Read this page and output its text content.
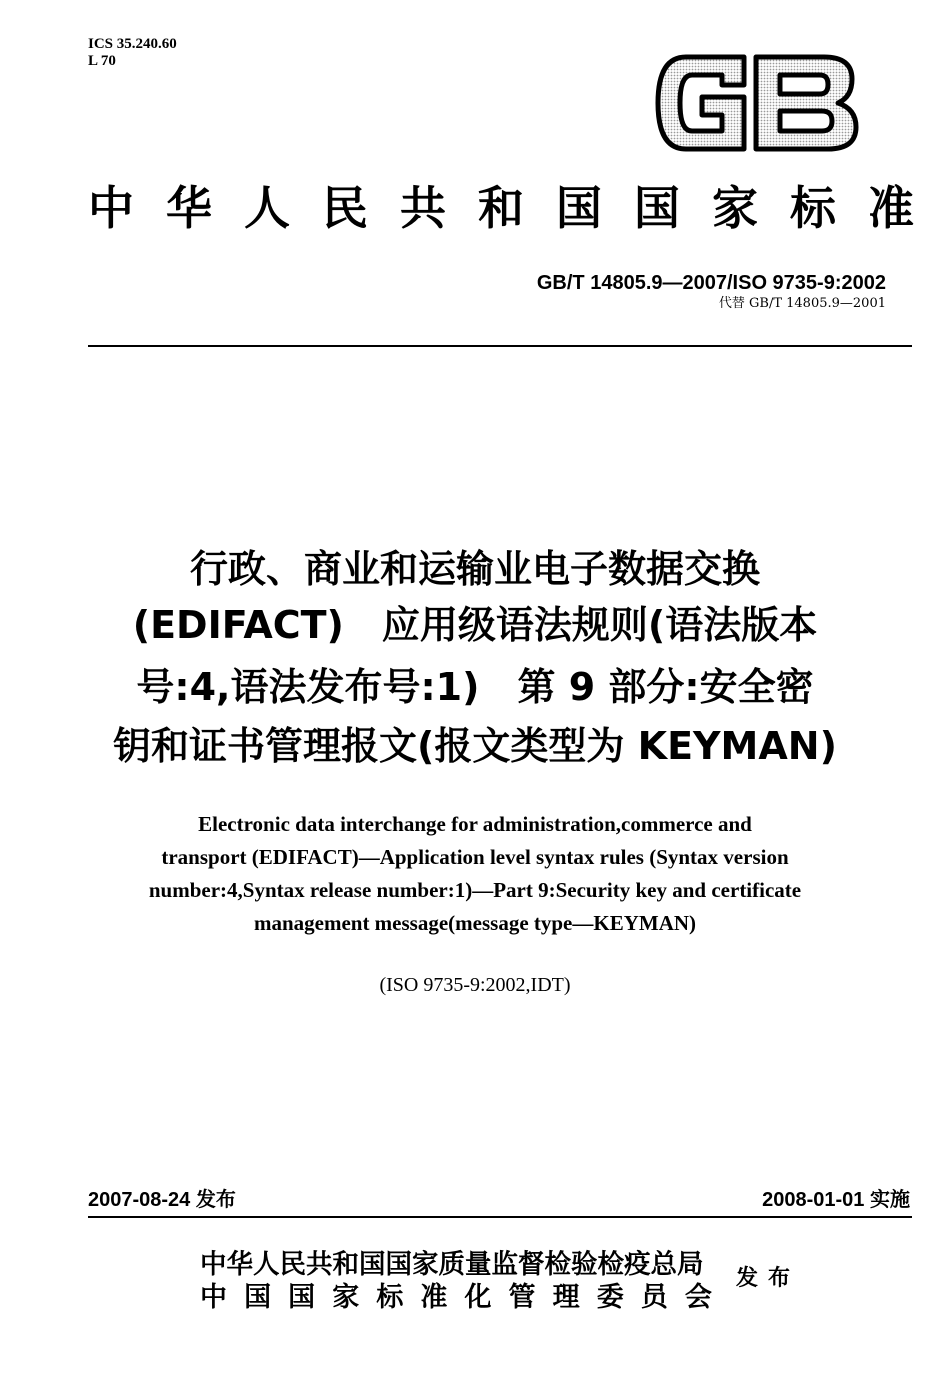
ICS 35.240.60
L 70
中 华 人 民 共 和 国 国 家 标 准
GB/T 14805.9—2007/ISO 9735-9:2002
代替 GB/T 14805.9—2001
行政、商业和运输业电子数据交换
(EDIFACT)　应用级语法规则(语法版本
号:4,语法发布号:1)　第 9 部分:安全密
钥和证书管理报文(报文类型为 KEYMAN)
Electronic data interchange for administration,commerce and
transport (EDIFACT)—Application level syntax rules (Syntax version
number:4,Syntax release number:1)—Part 9:Security key and certificate
management message(message type—KEYMAN)
(ISO 9735-9:2002,IDT)
2007-08-24 发布	2008-01-01 实施
中华人民共和国国家质量监督检验检疫总局
中 国 国 家 标 准 化 管 理 委 员 会
发布
